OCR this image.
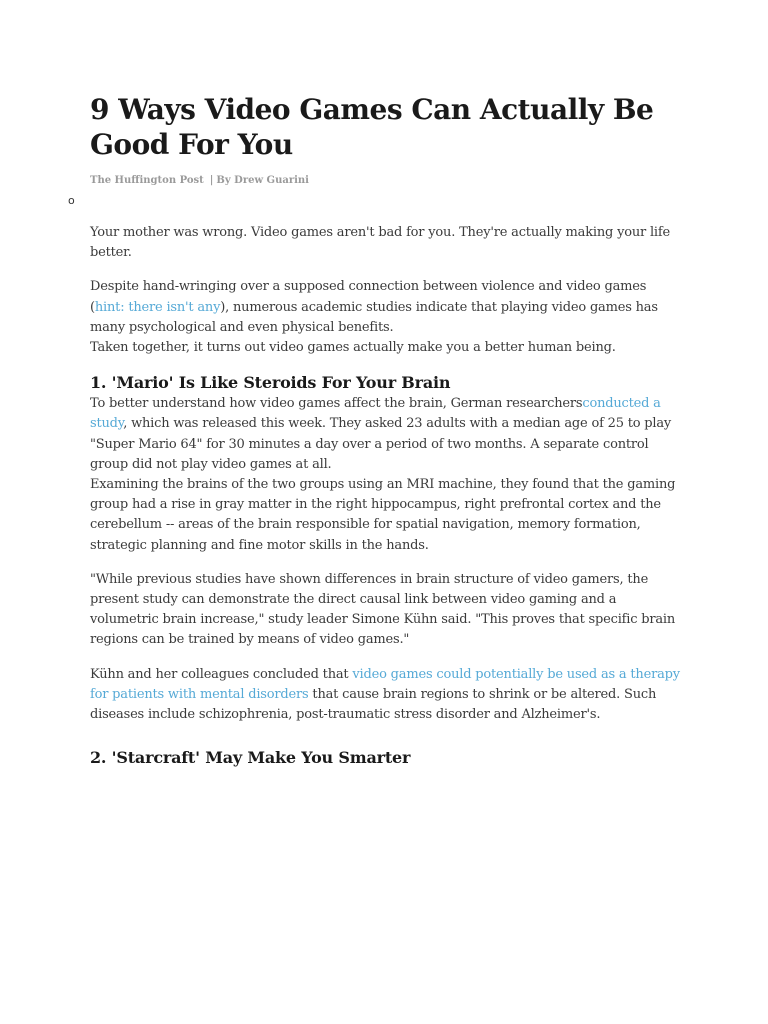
9 Ways Video Games Can Actually Be Good For You
The Huffington Post | By Drew Guarini
o

Your mother was wrong. Video games aren't bad for you. They're actually making your life better.

Despite hand-wringing over a supposed connection between violence and video games (hint: there isn't any), numerous academic studies indicate that playing video games has many psychological and even physical benefits.

Taken together, it turns out video games actually make you a better human being.

1. 'Mario' Is Like Steroids For Your Brain

To better understand how video games affect the brain, German researchersconducted a study, which was released this week. They asked 23 adults with a median age of 25 to play "Super Mario 64" for 30 minutes a day over a period of two months. A separate control group did not play video games at all.

Examining the brains of the two groups using an MRI machine, they found that the gaming group had a rise in gray matter in the right hippocampus, right prefrontal cortex and the cerebellum -- areas of the brain responsible for spatial navigation, memory formation, strategic planning and fine motor skills in the hands.

"While previous studies have shown differences in brain structure of video gamers, the present study can demonstrate the direct causal link between video gaming and a volumetric brain increase," study leader Simone Kühn said. "This proves that specific brain regions can be trained by means of video games."

Kühn and her colleagues concluded that video games could potentially be used as a therapy for patients with mental disorders that cause brain regions to shrink or be altered. Such diseases include schizophrenia, post-traumatic stress disorder and Alzheimer's.

2. 'Starcraft' May Make You Smarter
